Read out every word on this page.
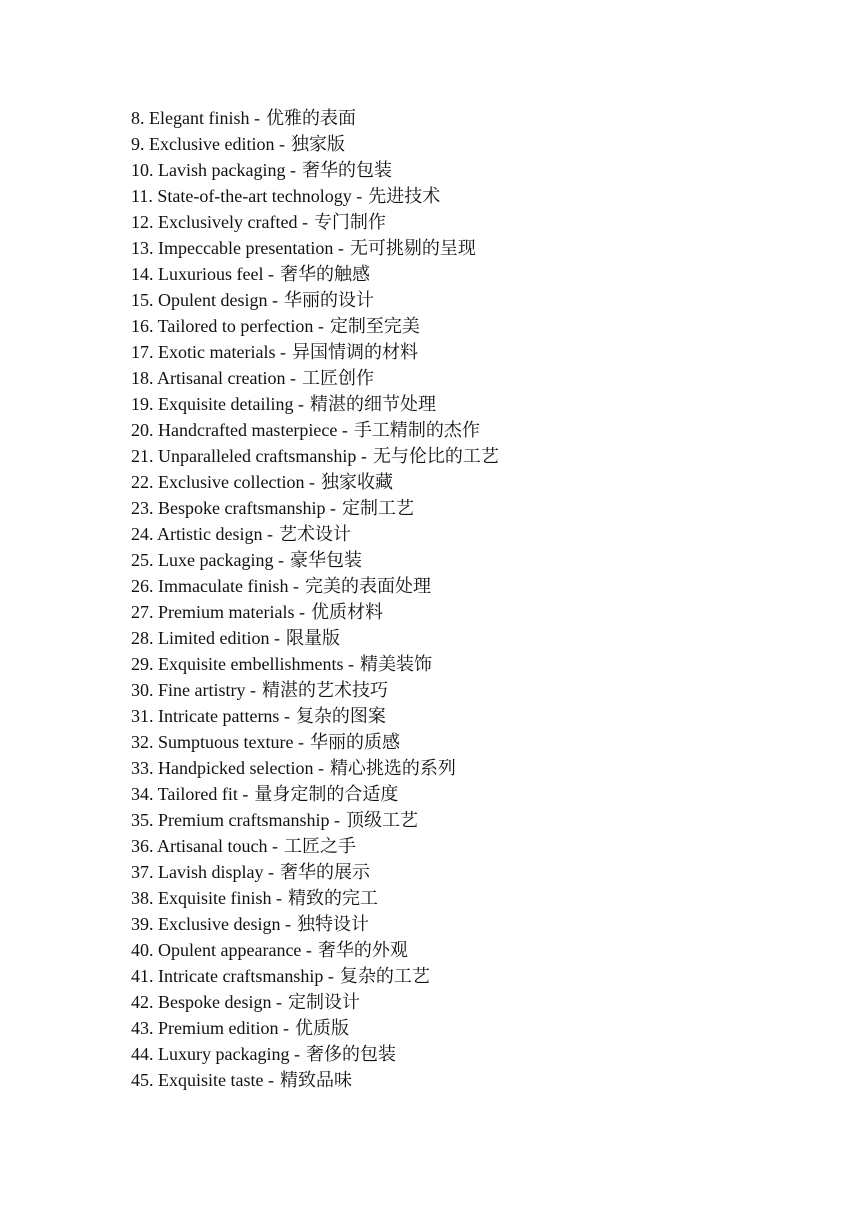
8. Elegant finish - 优雅的表面
9. Exclusive edition - 独家版
10. Lavish packaging - 奢华的包装
11. State-of-the-art technology - 先进技术
12. Exclusively crafted - 专门制作
13. Impeccable presentation - 无可挑剔的呈现
14. Luxurious feel - 奢华的触感
15. Opulent design - 华丽的设计
16. Tailored to perfection - 定制至完美
17. Exotic materials - 异国情调的材料
18. Artisanal creation - 工匠创作
19. Exquisite detailing - 精湛的细节处理
20. Handcrafted masterpiece - 手工精制的杰作
21. Unparalleled craftsmanship - 无与伦比的工艺
22. Exclusive collection - 独家收藏
23. Bespoke craftsmanship - 定制工艺
24. Artistic design - 艺术设计
25. Luxe packaging - 豪华包装
26. Immaculate finish - 完美的表面处理
27. Premium materials - 优质材料
28. Limited edition - 限量版
29. Exquisite embellishments - 精美装饰
30. Fine artistry - 精湛的艺术技巧
31. Intricate patterns - 复杂的图案
32. Sumptuous texture - 华丽的质感
33. Handpicked selection - 精心挑选的系列
34. Tailored fit - 量身定制的合适度
35. Premium craftsmanship - 顶级工艺
36. Artisanal touch - 工匠之手
37. Lavish display - 奢华的展示
38. Exquisite finish - 精致的完工
39. Exclusive design - 独特设计
40. Opulent appearance - 奢华的外观
41. Intricate craftsmanship - 复杂的工艺
42. Bespoke design - 定制设计
43. Premium edition - 优质版
44. Luxury packaging - 奢侈的包装
45. Exquisite taste - 精致品味
